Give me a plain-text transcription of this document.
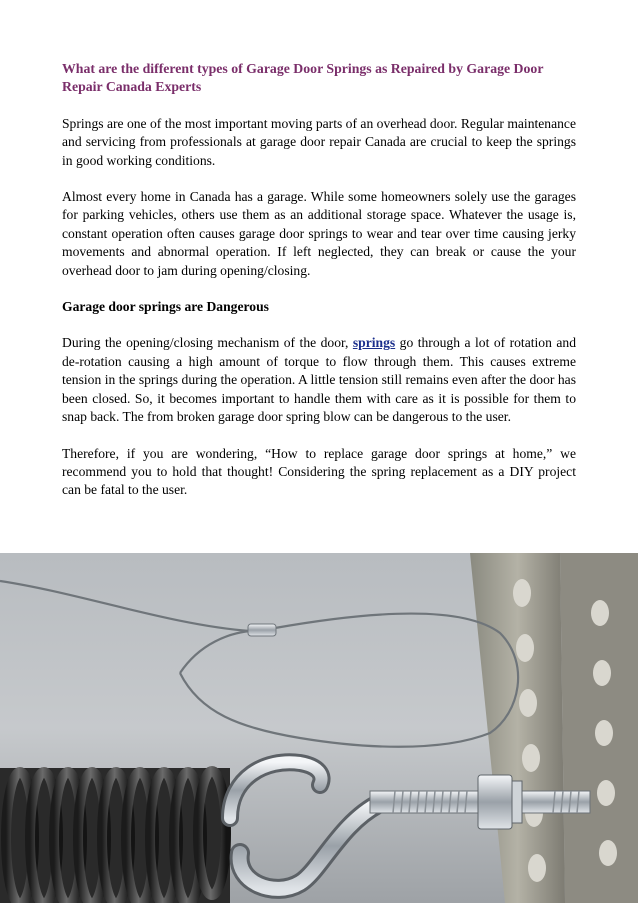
What are the different types of Garage Door Springs as Repaired by Garage Door Repair Canada Experts

Springs are one of the most important moving parts of an overhead door. Regular maintenance and servicing from professionals at garage door repair Canada are crucial to keep the springs in good working conditions.

Almost every home in Canada has a garage. While some homeowners solely use the garages for parking vehicles, others use them as an additional storage space. Whatever the usage is, constant operation often causes garage door springs to wear and tear over time causing jerky movements and abnormal operation. If left neglected, they can break or cause the your overhead door to jam during opening/closing.

Garage door springs are Dangerous

During the opening/closing mechanism of the door, springs go through a lot of rotation and de-rotation causing a high amount of torque to flow through them. This causes extreme tension in the springs during the operation. A little tension still remains even after the door has been closed. So, it becomes important to handle them with care as it is possible for them to snap back. The from broken garage door spring blow can be dangerous to the user.

Therefore, if you are wondering, “How to replace garage door springs at home,” we recommend you to hold that thought! Considering the spring replacement as a DIY project can be fatal to the user.
